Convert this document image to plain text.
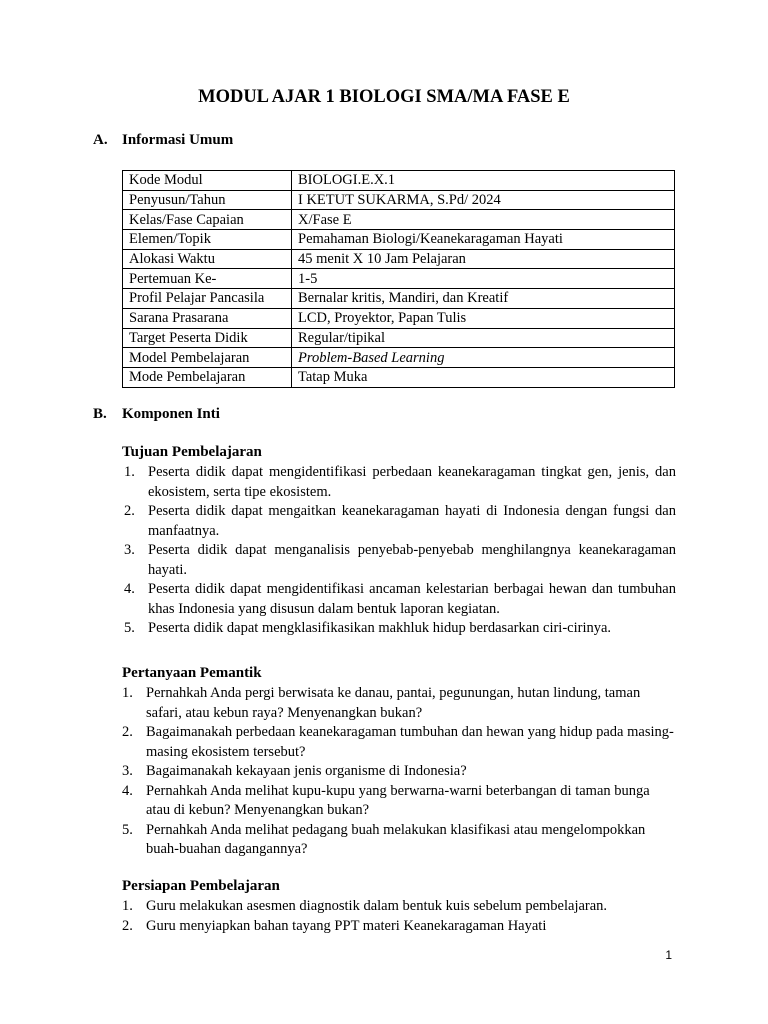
MODUL AJAR 1 BIOLOGI SMA/MA FASE E
A. Informasi Umum
Kode Modul	BIOLOGI.E.X.1
Penyusun/Tahun	I KETUT SUKARMA, S.Pd/ 2024
Kelas/Fase Capaian	X/Fase E
Elemen/Topik	Pemahaman Biologi/Keanekaragaman Hayati
Alokasi Waktu	45 menit X 10 Jam Pelajaran
Pertemuan Ke-	1-5
Profil Pelajar Pancasila	Bernalar kritis, Mandiri, dan Kreatif
Sarana Prasarana	LCD, Proyektor, Papan Tulis
Target Peserta Didik	Regular/tipikal
Model Pembelajaran	Problem-Based Learning
Mode Pembelajaran	Tatap Muka
B. Komponen Inti
Tujuan Pembelajaran
1. Peserta didik dapat mengidentifikasi perbedaan keanekaragaman tingkat gen, jenis, dan ekosistem, serta tipe ekosistem.
2. Peserta didik dapat mengaitkan keanekaragaman hayati di Indonesia dengan fungsi dan manfaatnya.
3. Peserta didik dapat menganalisis penyebab-penyebab menghilangnya keanekaragaman hayati.
4. Peserta didik dapat mengidentifikasi ancaman kelestarian berbagai hewan dan tumbuhan khas Indonesia yang disusun dalam bentuk laporan kegiatan.
5. Peserta didik dapat mengklasifikasikan makhluk hidup berdasarkan ciri-cirinya.
Pertanyaan Pemantik
1. Pernahkah Anda pergi berwisata ke danau, pantai, pegunungan, hutan lindung, taman safari, atau kebun raya? Menyenangkan bukan?
2. Bagaimanakah perbedaan keanekaragaman tumbuhan dan hewan yang hidup pada masing-masing ekosistem tersebut?
3. Bagaimanakah kekayaan jenis organisme di Indonesia?
4. Pernahkah Anda melihat kupu-kupu yang berwarna-warni beterbangan di taman bunga atau di kebun? Menyenangkan bukan?
5. Pernahkah Anda melihat pedagang buah melakukan klasifikasi atau mengelompokkan buah-buahan dagangannya?
Persiapan Pembelajaran
1. Guru melakukan asesmen diagnostik dalam bentuk kuis sebelum pembelajaran.
2. Guru menyiapkan bahan tayang PPT materi Keanekaragaman Hayati
1
